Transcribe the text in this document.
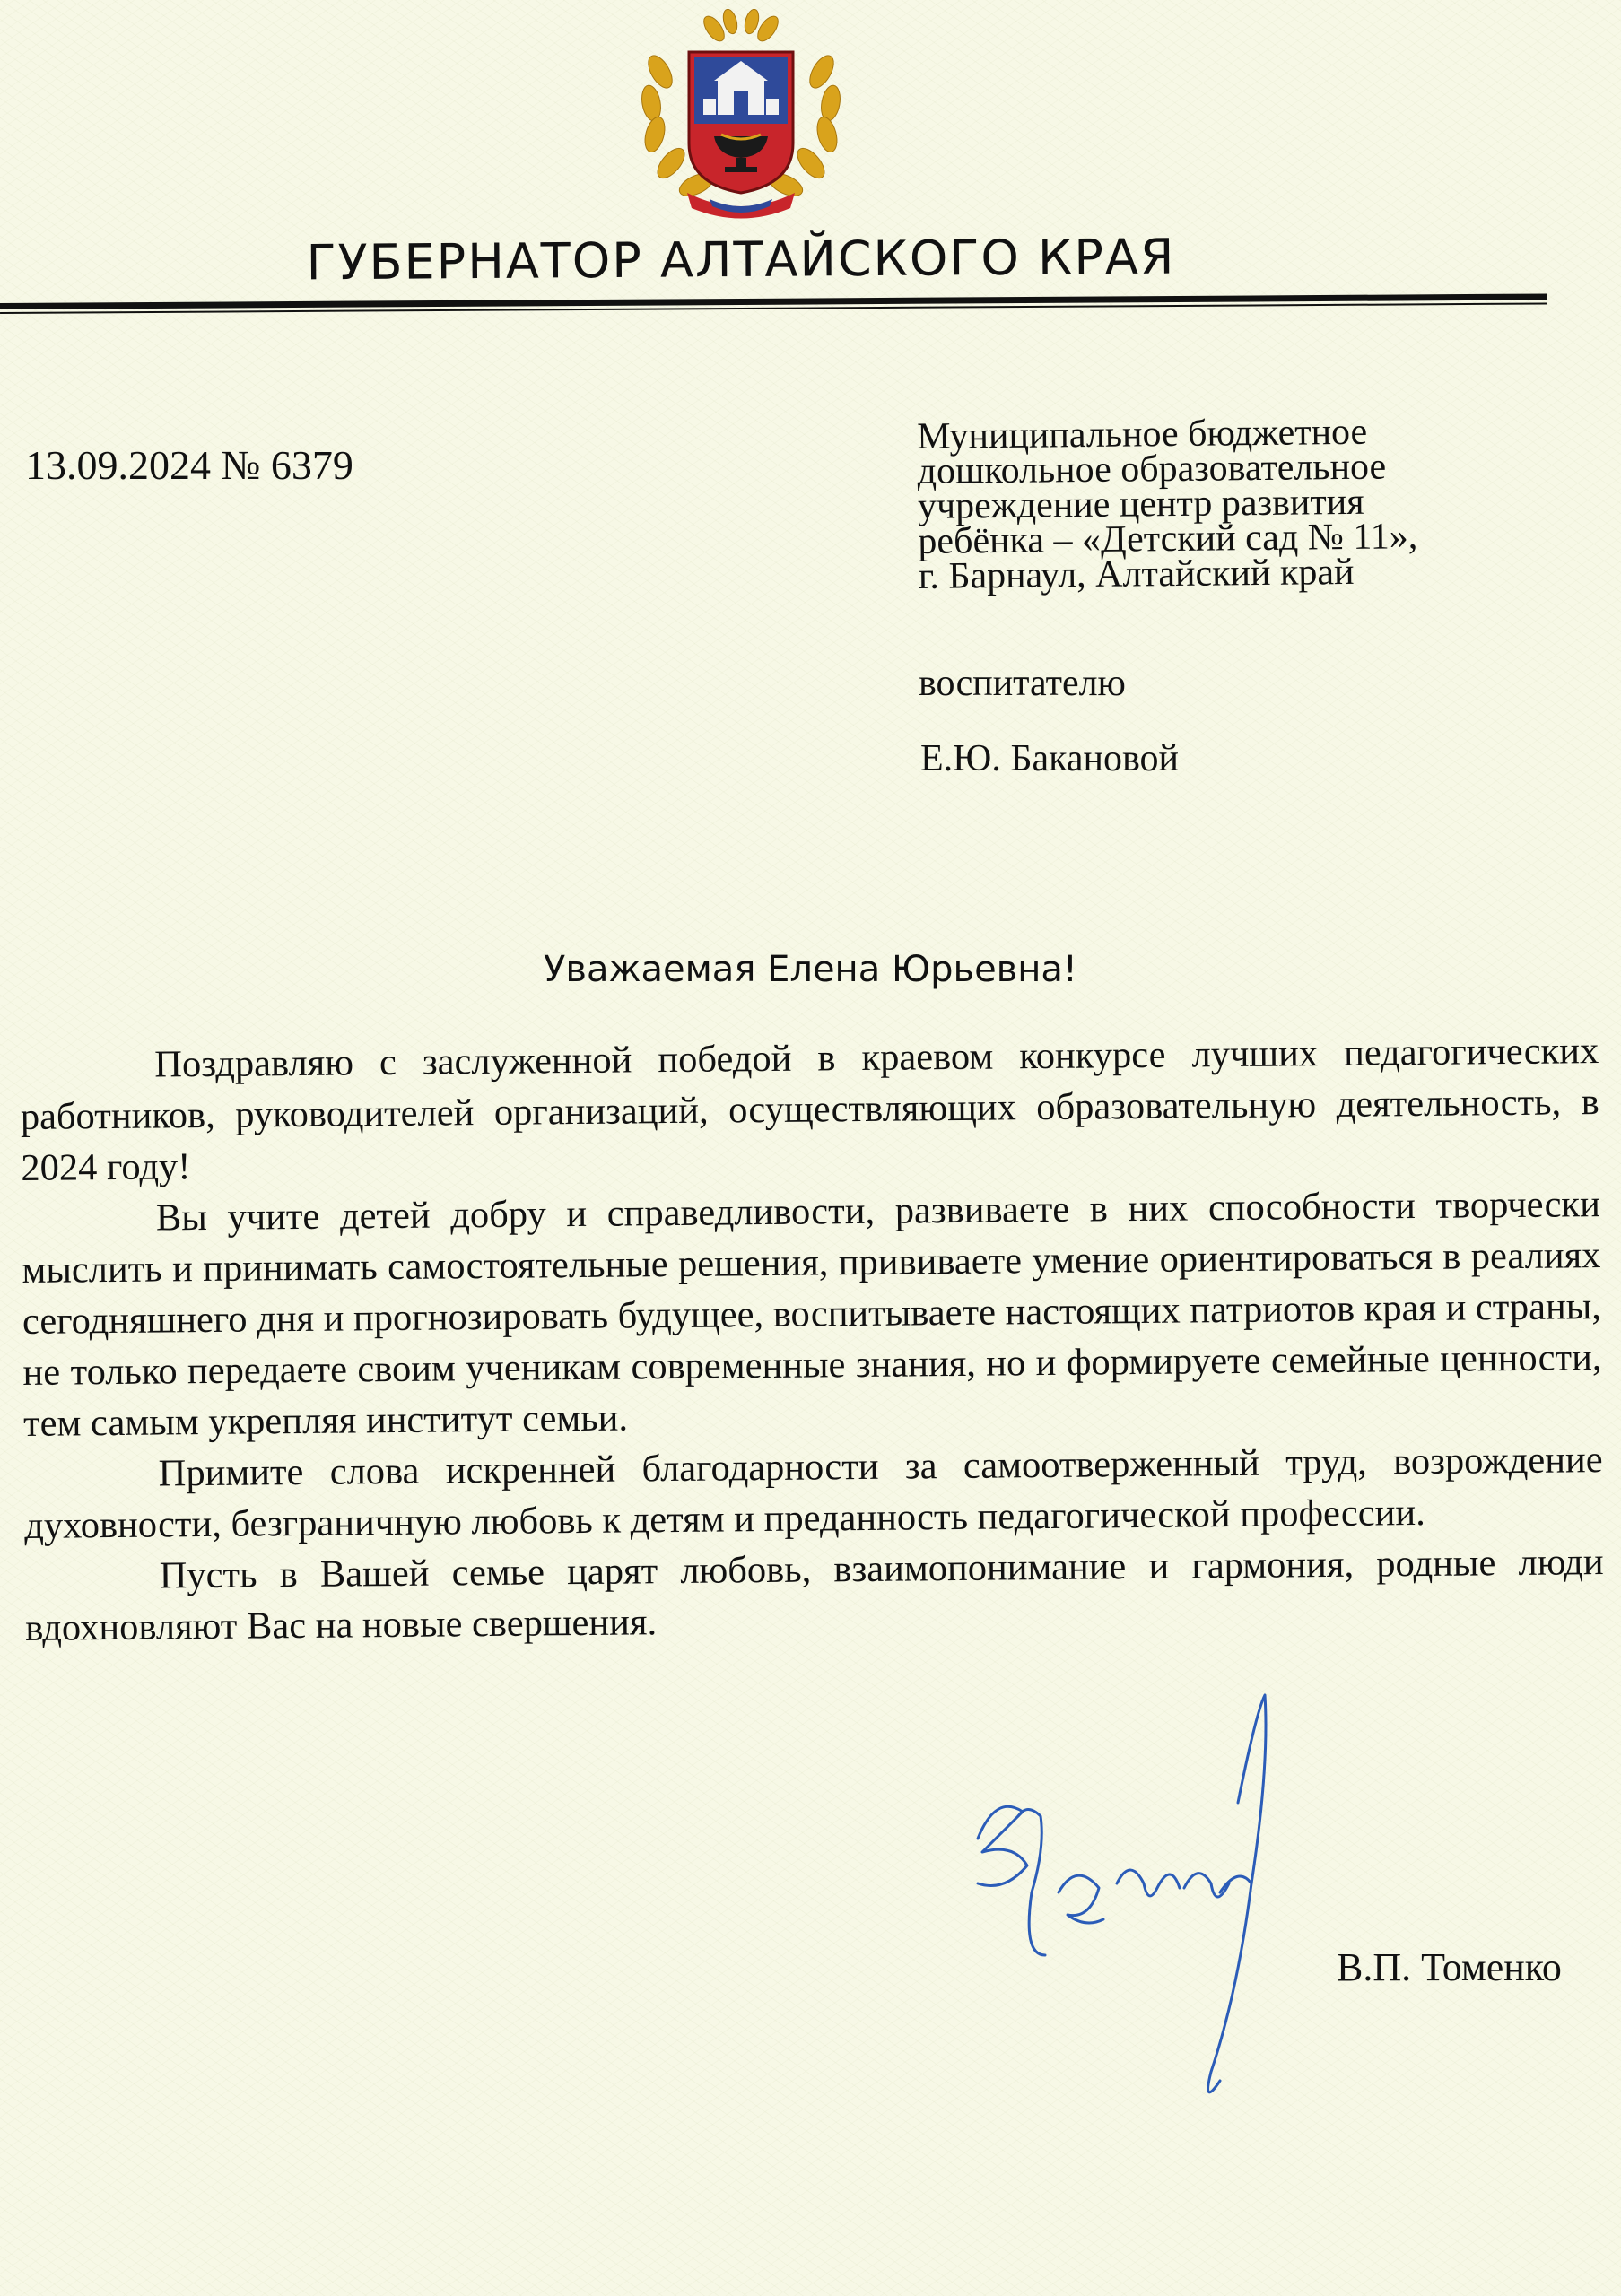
ГУБЕРНАТОР АЛТАЙСКОГО КРАЯ
13.09.2024 № 6379
Муниципальное бюджетное
дошкольное образовательное
учреждение центр развития
ребёнка – «Детский сад № 11»,
г. Барнаул, Алтайский край
воспитателю
Е.Ю. Бакановой
Уважаемая Елена Юрьевна!

Поздравляю с заслуженной победой в краевом конкурсе лучших педагогических работников, руководителей организаций, осуществляющих образовательную деятельность, в 2024 году!

Вы учите детей добру и справедливости, развиваете в них способности творчески мыслить и принимать самостоятельные решения, прививаете умение ориентироваться в реалиях сегодняшнего дня и прогнозировать будущее, воспитываете настоящих патриотов края и страны, не только передаете своим ученикам современные знания, но и формируете семейные ценности, тем самым укрепляя институт семьи.

Примите слова искренней благодарности за самоотверженный труд, возрождение духовности, безграничную любовь к детям и преданность педагогической профессии.

Пусть в Вашей семье царят любовь, взаимопонимание и гармония, родные люди вдохновляют Вас на новые свершения.

В.П. Томенко
